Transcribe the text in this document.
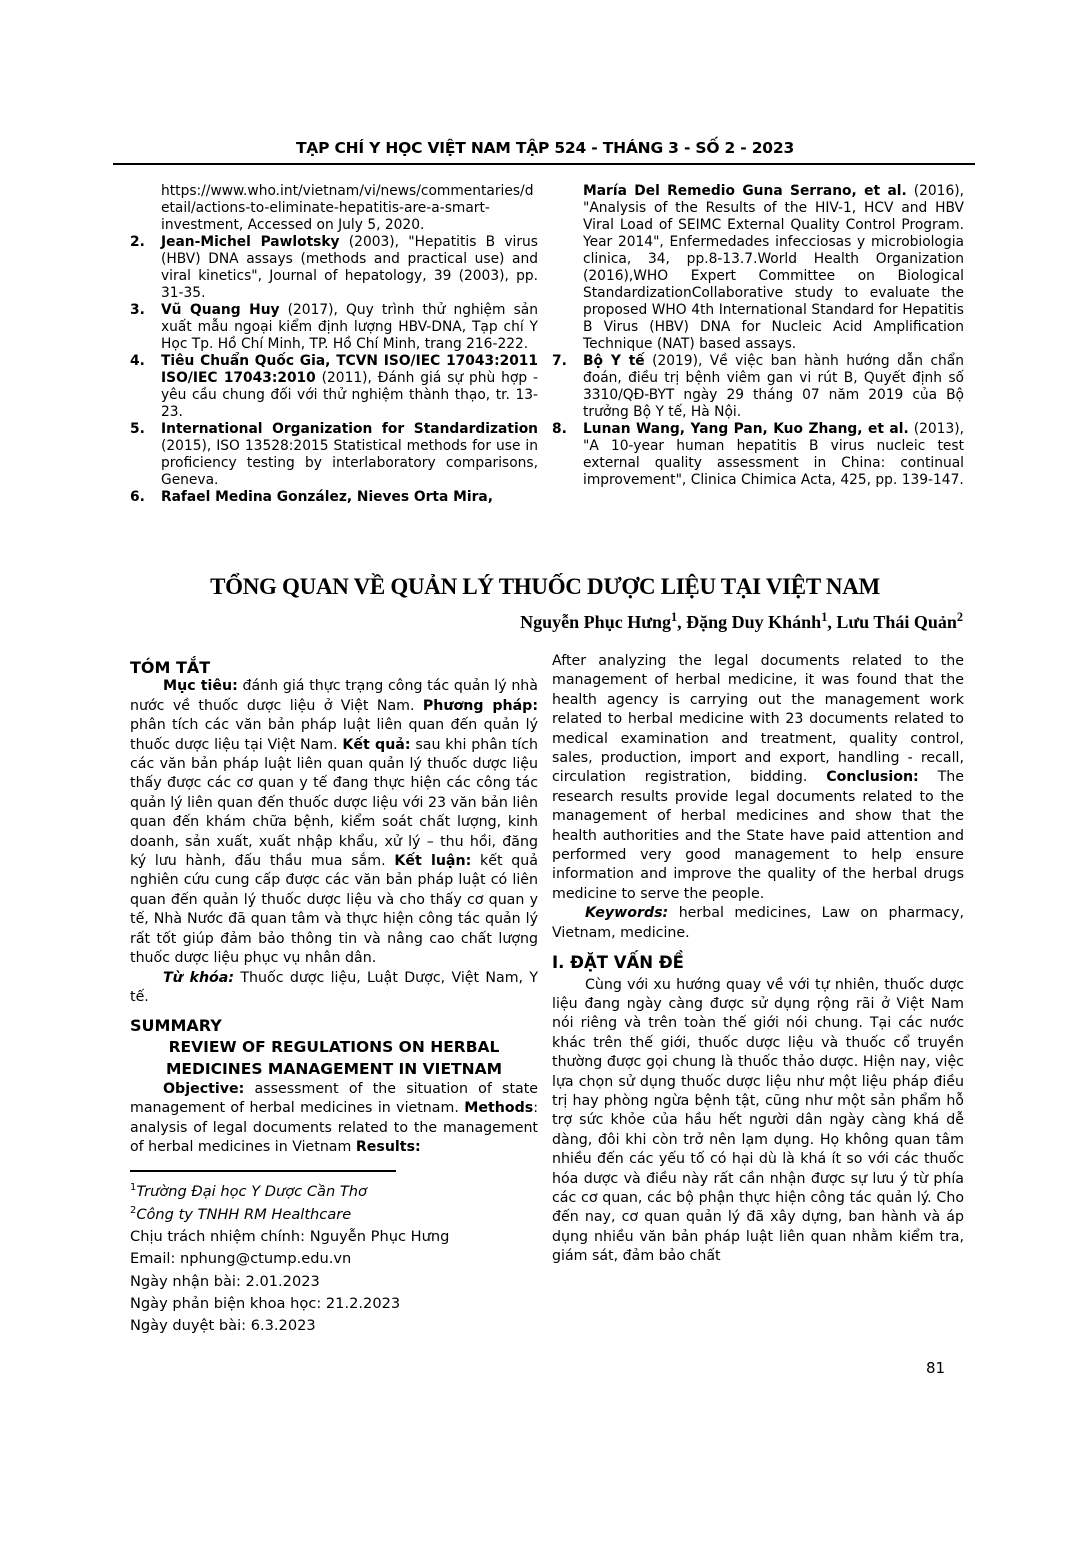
TẠP CHÍ Y HỌC VIỆT NAM TẬP 524 - THÁNG 3 - SỐ 2 - 2023
https://www.who.int/vietnam/vi/news/commentaries/detail/actions-to-eliminate-hepatitis-are-a-smart-investment, Accessed on July 5, 2020.
2. Jean-Michel Pawlotsky (2003), "Hepatitis B virus (HBV) DNA assays (methods and practical use) and viral kinetics", Journal of hepatology, 39 (2003), pp. 31-35.
3. Vũ Quang Huy (2017), Quy trình thử nghiệm sản xuất mẫu ngoại kiểm định lượng HBV-DNA, Tạp chí Y Học Tp. Hồ Chí Minh, TP. Hồ Chí Minh, trang 216-222.
4. Tiêu Chuẩn Quốc Gia, TCVN ISO/IEC 17043:2011 ISO/IEC 17043:2010 (2011), Đánh giá sự phù hợp - yêu cầu chung đối với thử nghiệm thành thạo, tr. 13-23.
5. International Organization for Standardization (2015), ISO 13528:2015 Statistical methods for use in proficiency testing by interlaboratory comparisons, Geneva.
6. Rafael Medina González, Nieves Orta Mira,
María Del Remedio Guna Serrano, et al. (2016), "Analysis of the Results of the HIV-1, HCV and HBV Viral Load of SEIMC External Quality Control Program. Year 2014", Enfermedades infecciosas y microbiologia clinica, 34, pp.8-13.7.World Health Organization (2016),WHO Expert Committee on Biological StandardizationCollaborative study to evaluate the proposed WHO 4th International Standard for Hepatitis B Virus (HBV) DNA for Nucleic Acid Amplification Technique (NAT) based assays.
7. Bộ Y tế (2019), Về việc ban hành hướng dẫn chẩn đoán, điều trị bệnh viêm gan vi rút B, Quyết định số 3310/QĐ-BYT ngày 29 tháng 07 năm 2019 của Bộ trưởng Bộ Y tế, Hà Nội.
8. Lunan Wang, Yang Pan, Kuo Zhang, et al. (2013), "A 10-year human hepatitis B virus nucleic test external quality assessment in China: continual improvement", Clinica Chimica Acta, 425, pp. 139-147.
TỔNG QUAN VỀ QUẢN LÝ THUỐC DƯỢC LIỆU TẠI VIỆT NAM
Nguyễn Phục Hưng$^1$, Đặng Duy Khánh$^1$, Lưu Thái Quản$^2$
TÓM TẮT

Mục tiêu: đánh giá thực trạng công tác quản lý nhà nước về thuốc dược liệu ở Việt Nam. Phương pháp: phân tích các văn bản pháp luật liên quan đến quản lý thuốc dược liệu tại Việt Nam. Kết quả: sau khi phân tích các văn bản pháp luật liên quan quản lý thuốc dược liệu thấy được các cơ quan y tế đang thực hiện các công tác quản lý liên quan đến thuốc dược liệu với 23 văn bản liên quan đến khám chữa bệnh, kiểm soát chất lượng, kinh doanh, sản xuất, xuất nhập khẩu, xử lý – thu hồi, đăng ký lưu hành, đấu thầu mua sắm. Kết luận: kết quả nghiên cứu cung cấp được các văn bản pháp luật có liên quan đến quản lý thuốc dược liệu và cho thấy cơ quan y tế, Nhà Nước đã quan tâm và thực hiện công tác quản lý rất tốt giúp đảm bảo thông tin và nâng cao chất lượng thuốc dược liệu phục vụ nhân dân.

Từ khóa: Thuốc dược liệu, Luật Dược, Việt Nam, Y tế.

SUMMARY

REVIEW OF REGULATIONS ON HERBAL MEDICINES MANAGEMENT IN VIETNAM

Objective: assessment of the situation of state management of herbal medicines in vietnam. Methods: analysis of legal documents related to the management of herbal medicines in Vietnam Results:

$^1$Trường Đại học Y Dược Cần Thơ
$^2$Công ty TNHH RM Healthcare
Chịu trách nhiệm chính: Nguyễn Phục Hưng
Email: nphung@ctump.edu.vn
Ngày nhận bài: 2.01.2023
Ngày phản biện khoa học: 21.2.2023
Ngày duyệt bài: 6.3.2023

After analyzing the legal documents related to the management of herbal medicine, it was found that the health agency is carrying out the management work related to herbal medicine with 23 documents related to medical examination and treatment, quality control, sales, production, import and export, handling - recall, circulation registration, bidding. Conclusion: The research results provide legal documents related to the management of herbal medicines and show that the health authorities and the State have paid attention and performed very good management to help ensure information and improve the quality of the herbal drugs medicine to serve the people.

Keywords: herbal medicines, Law on pharmacy, Vietnam, medicine.

I. ĐẶT VẤN ĐỀ

Cùng với xu hướng quay về với tự nhiên, thuốc dược liệu đang ngày càng được sử dụng rộng rãi ở Việt Nam nói riêng và trên toàn thế giới nói chung. Tại các nước khác trên thế giới, thuốc dược liệu và thuốc cổ truyền thường được gọi chung là thuốc thảo dược. Hiện nay, việc lựa chọn sử dụng thuốc dược liệu như một liệu pháp điều trị hay phòng ngừa bệnh tật, cũng như một sản phẩm hỗ trợ sức khỏe của hầu hết người dân ngày càng khá dễ dàng, đôi khi còn trở nên lạm dụng. Họ không quan tâm nhiều đến các yếu tố có hại dù là khá ít so với các thuốc hóa dược và điều này rất cần nhận được sự lưu ý từ phía các cơ quan, các bộ phận thực hiện công tác quản lý. Cho đến nay, cơ quan quản lý đã xây dựng, ban hành và áp dụng nhiều văn bản pháp luật liên quan nhằm kiểm tra, giám sát, đảm bảo chất

81
